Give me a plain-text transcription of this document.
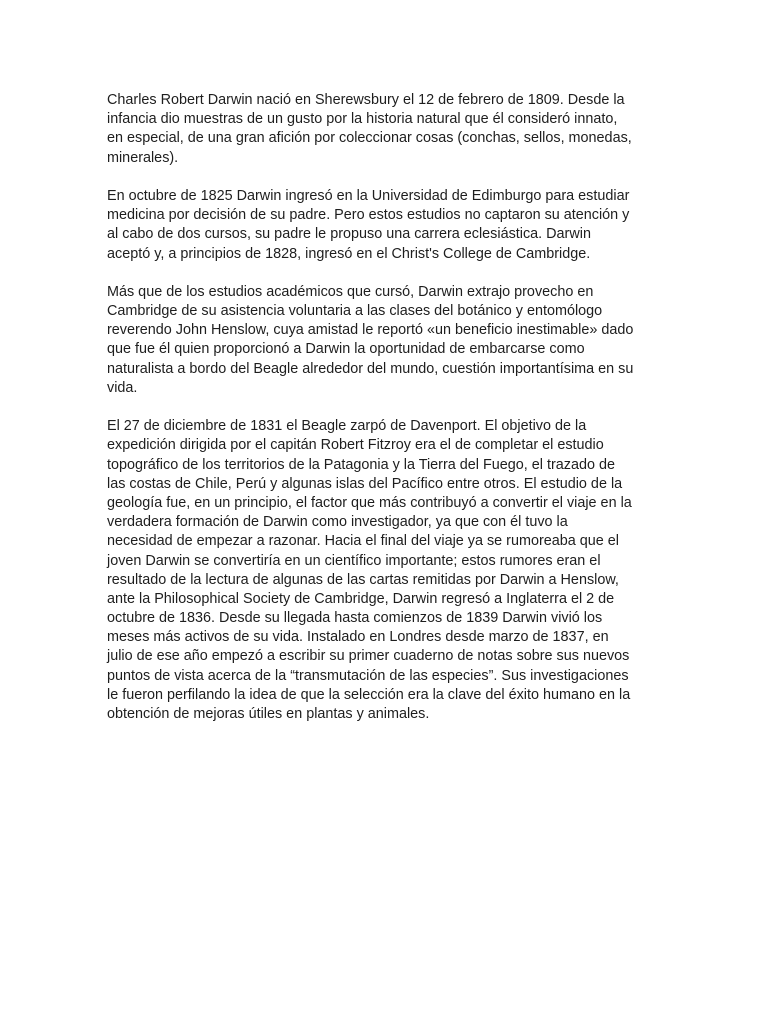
Charles Robert Darwin nació en Sherewsbury el 12 de febrero de 1809. Desde la
infancia dio muestras de un gusto por la historia natural que él consideró innato,
en especial, de una gran afición por coleccionar cosas (conchas, sellos, monedas,
minerales).

En octubre de 1825 Darwin ingresó en la Universidad de Edimburgo para estudiar
medicina por decisión de su padre. Pero estos estudios no captaron su atención y
al cabo de dos cursos, su padre le propuso una carrera eclesiástica. Darwin
aceptó y, a principios de 1828, ingresó en el Christ's College de Cambridge.

Más que de los estudios académicos que cursó, Darwin extrajo provecho en
Cambridge de su asistencia voluntaria a las clases del botánico y entomólogo
reverendo John Henslow, cuya amistad le reportó «un beneficio inestimable» dado
que fue él quien proporcionó a Darwin la oportunidad de embarcarse como
naturalista a bordo del Beagle alrededor del mundo, cuestión importantísima en su
vida.

El 27 de diciembre de 1831 el Beagle zarpó de Davenport. El objetivo de la
expedición dirigida por el capitán Robert Fitzroy era el de completar el estudio
topográfico de los territorios de la Patagonia y la Tierra del Fuego, el trazado de
las costas de Chile, Perú y algunas islas del Pacífico entre otros. El estudio de la
geología fue, en un principio, el factor que más contribuyó a convertir el viaje en la
verdadera formación de Darwin como investigador, ya que con él tuvo la
necesidad de empezar a razonar. Hacia el final del viaje ya se rumoreaba que el
joven Darwin se convertiría en un científico importante; estos rumores eran el
resultado de la lectura de algunas de las cartas remitidas por Darwin a Henslow,
ante la Philosophical Society de Cambridge, Darwin regresó a Inglaterra el 2 de
octubre de 1836. Desde su llegada hasta comienzos de 1839 Darwin vivió los
meses más activos de su vida. Instalado en Londres desde marzo de 1837, en
julio de ese año empezó a escribir su primer cuaderno de notas sobre sus nuevos
puntos de vista acerca de la “transmutación de las especies”. Sus investigaciones
le fueron perfilando la idea de que la selección era la clave del éxito humano en la
obtención de mejoras útiles en plantas y animales.
